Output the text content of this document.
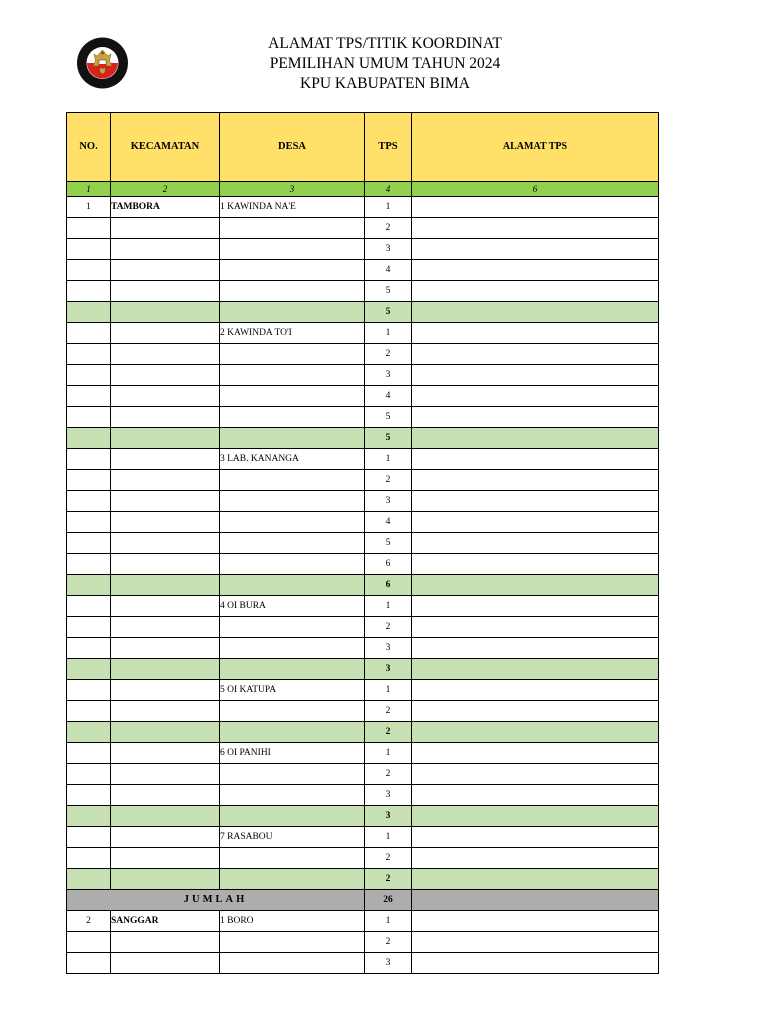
ALAMAT TPS/TITIK KOORDINAT
PEMILIHAN UMUM TAHUN 2024
KPU KABUPATEN BIMA
NO.	KECAMATAN	DESA	TPS	ALAMAT TPS
1	2	3	4	6
1	TAMBORA	1 KAWINDA NA'E	1	
			2	
			3	
			4	
			5	
			5	
		2 KAWINDA TO'I	1	
			2	
			3	
			4	
			5	
			5	
		3 LAB. KANANGA	1	
			2	
			3	
			4	
			5	
			6	
			6	
		4 OI BURA	1	
			2	
			3	
			3	
		5 OI KATUPA	1	
			2	
			2	
		6 OI PANIHI	1	
			2	
			3	
			3	
		7 RASABOU	1	
			2	
			2	
JUMLAH			26	
2	SANGGAR	1 BORO	1	
			2	
			3	
